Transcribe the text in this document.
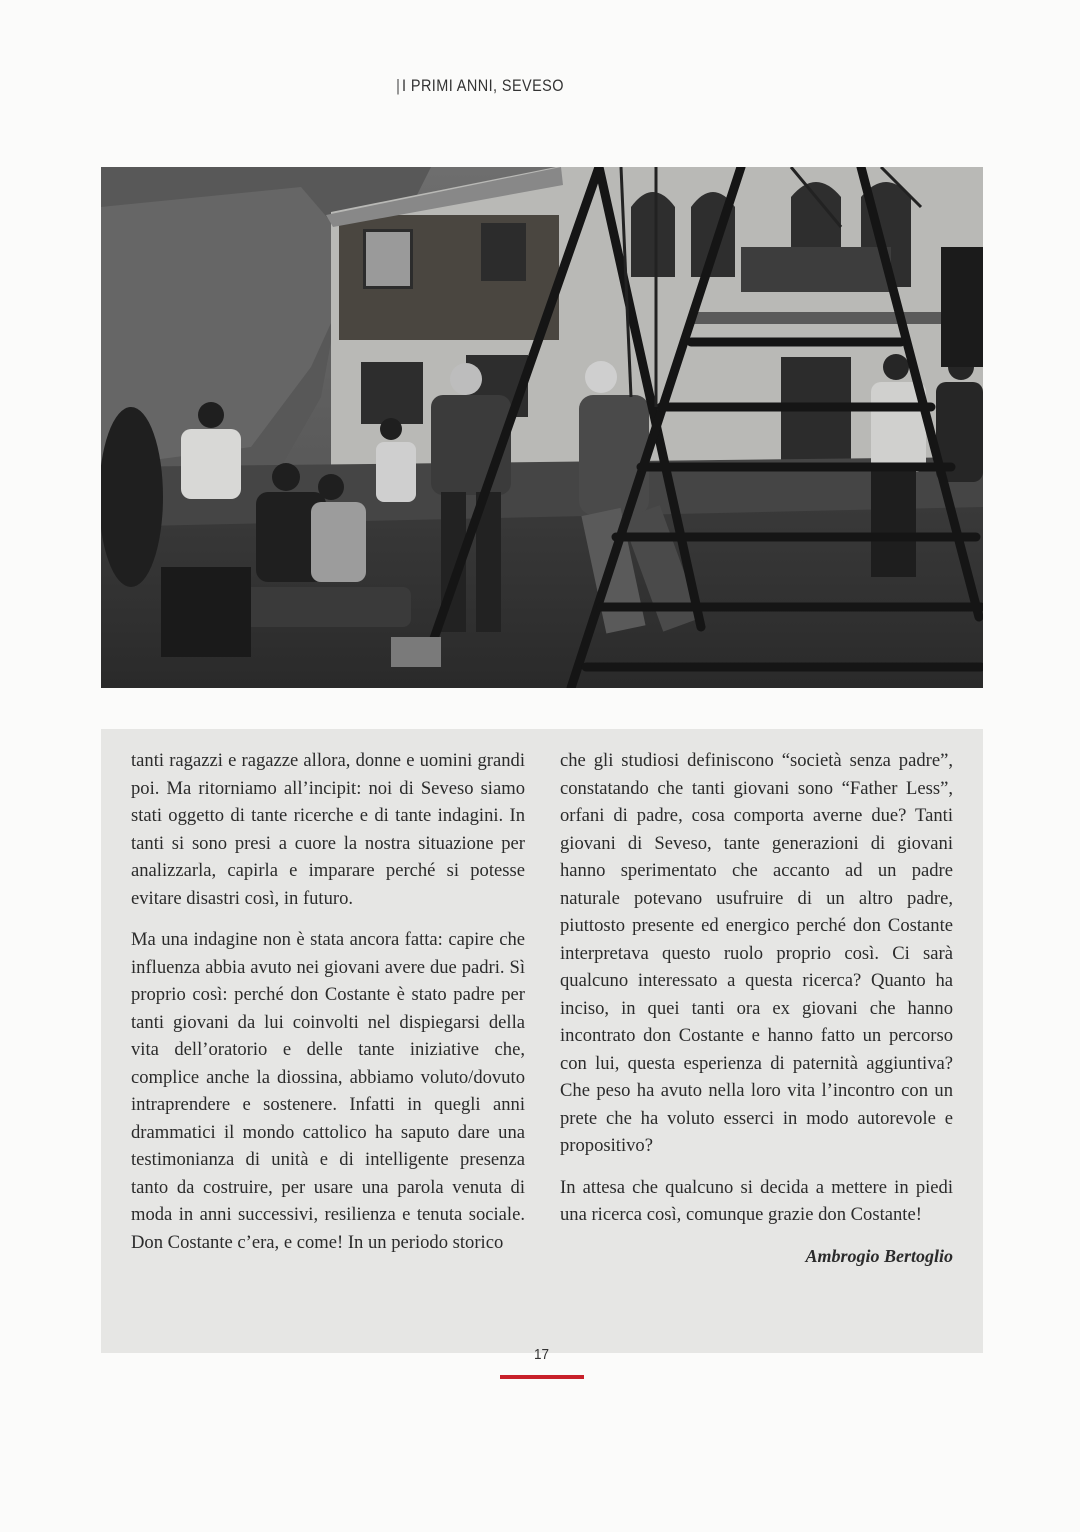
| I PRIMI ANNI, SEVESO

tanti ragazzi e ragazze allora, donne e uomini grandi poi. Ma ritorniamo all’incipit: noi di Seveso siamo stati oggetto di tante ricerche e di tante indagini. In tanti si sono presi a cuore la nostra situazione per analizzarla, capirla e imparare perché si potesse evitare disastri così, in futuro.

Ma una indagine non è stata ancora fatta: capire che influenza abbia avuto nei giovani avere due padri. Sì proprio così: perché don Costante è stato padre per tanti giovani da lui coinvolti nel dispiegarsi della vita dell’oratorio e delle tante iniziative che, complice anche la diossina, abbiamo voluto/dovuto intraprendere e sostenere. Infatti in quegli anni drammatici il mondo cattolico ha saputo dare una testimonianza di unità e di intelligente presenza tanto da costruire, per usare una parola venuta di moda in anni successivi, resilienza e tenuta sociale. Don Costante c’era, e come! In un periodo storico

che gli studiosi definiscono “società senza padre”, constatando che tanti giovani sono “Father Less”, orfani di padre, cosa comporta averne due? Tanti giovani di Seveso, tante generazioni di giovani hanno sperimentato che accanto ad un padre naturale potevano usufruire di un altro padre, piuttosto presente ed energico perché don Costante interpretava questo ruolo proprio così. Ci sarà qualcuno interessato a questa ricerca? Quanto ha inciso, in quei tanti ora ex giovani che hanno incontrato don Costante e hanno fatto un percorso con lui, questa esperienza di paternità aggiuntiva? Che peso ha avuto nella loro vita l’incontro con un prete che ha voluto esserci in modo autorevole e propositivo?

In attesa che qualcuno si decida a mettere in piedi una ricerca così, comunque grazie don Costante!

Ambrogio Bertoglio
17
